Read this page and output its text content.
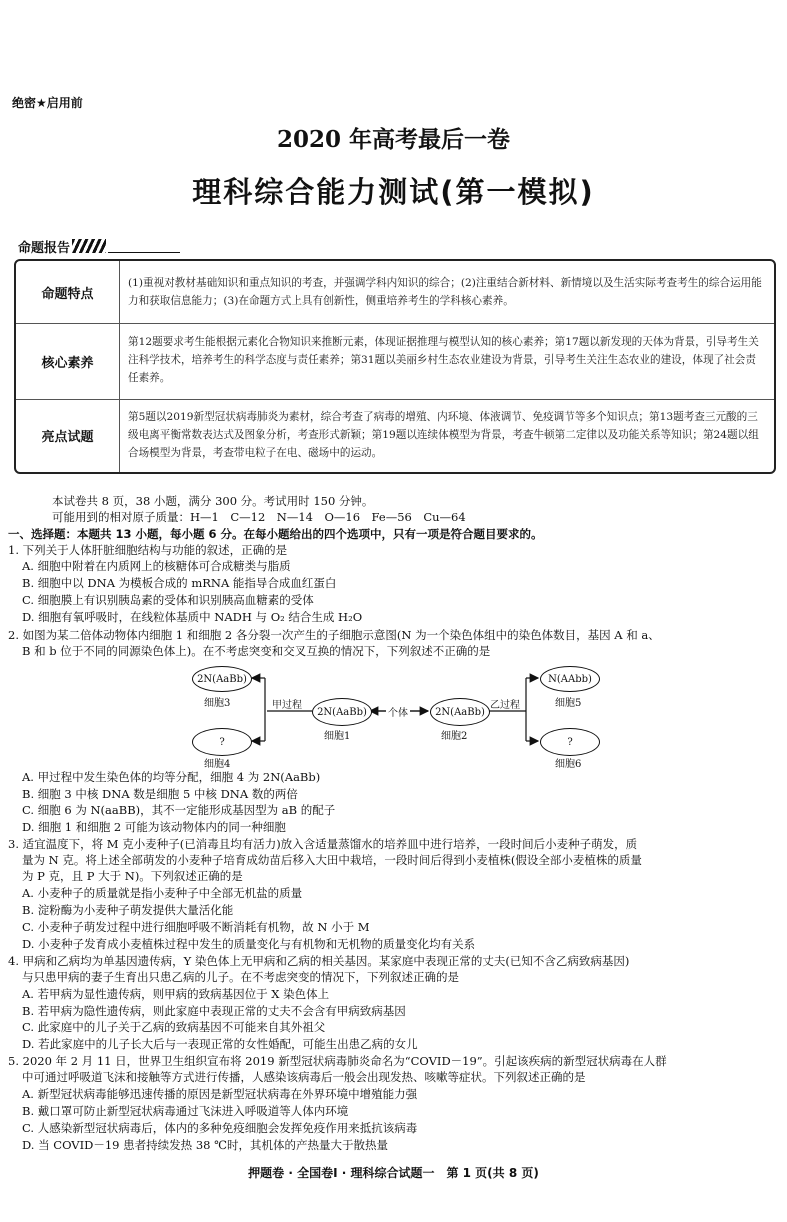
绝密★启用前
2020 年高考最后一卷
理科综合能力测试(第一模拟)
命题报告
命题特点
(1)重视对教材基础知识和重点知识的考查，并强调学科内知识的综合；(2)注重结合新材料、新情境以及生活实际考查考生的综合运用能力和获取信息能力；(3)在命题方式上具有创新性，侧重培养考生的学科核心素养。
核心素养
第12题要求考生能根据元素化合物知识来推断元素，体现证据推理与模型认知的核心素养；第17题以新发现的天体为背景，引导考生关注科学技术，培养考生的科学态度与责任素养；第31题以美丽乡村生态农业建设为背景，引导考生关注生态农业的建设，体现了社会责任素养。
亮点试题
第5题以2019新型冠状病毒肺炎为素材，综合考查了病毒的增殖、内环境、体液调节、免疫调节等多个知识点；第13题考查三元酸的三级电离平衡常数表达式及图象分析，考查形式新颖；第19题以连续体模型为背景，考查牛顿第二定律以及功能关系等知识；第24题以组合场模型为背景，考查带电粒子在电、磁场中的运动。
本试卷共 8 页，38 小题，满分 300 分。考试用时 150 分钟。
可能用到的相对原子质量：H—1　C—12　N—14　O—16　Fe—56　Cu—64
一、选择题：本题共 13 小题，每小题 6 分。在每小题给出的四个选项中，只有一项是符合题目要求的。
1. 下列关于人体肝脏细胞结构与功能的叙述，正确的是
A. 细胞中附着在内质网上的核糖体可合成糖类与脂质
B. 细胞中以 DNA 为模板合成的 mRNA 能指导合成血红蛋白
C. 细胞膜上有识别胰岛素的受体和识别胰高血糖素的受体
D. 细胞有氧呼吸时，在线粒体基质中 NADH 与 O₂ 结合生成 H₂O
2. 如图为某二倍体动物体内细胞 1 和细胞 2 各分裂一次产生的子细胞示意图(N 为一个染色体组中的染色体数目，基因 A 和 a、
B 和 b 位于不同的同源染色体上)。在不考虑突变和交叉互换的情况下，下列叙述不正确的是
2N(AaBb)
细胞3
?
细胞4
甲过程
2N(AaBb)
细胞1
个体	2N(AaBb)
细胞2
乙过程
N(AAbb)
细胞5
?
细胞6
A. 甲过程中发生染色体的均等分配，细胞 4 为 2N(AaBb)
B. 细胞 3 中核 DNA 数是细胞 5 中核 DNA 数的两倍
C. 细胞 6 为 N(aaBB)，其不一定能形成基因型为 aB 的配子
D. 细胞 1 和细胞 2 可能为该动物体内的同一种细胞
3. 适宜温度下，将 M 克小麦种子(已消毒且均有活力)放入含适量蒸馏水的培养皿中进行培养，一段时间后小麦种子萌发，质
量为 N 克。将上述全部萌发的小麦种子培育成幼苗后移入大田中栽培，一段时间后得到小麦植株(假设全部小麦植株的质量
为 P 克，且 P 大于 N)。下列叙述正确的是
A. 小麦种子的质量就是指小麦种子中全部无机盐的质量
B. 淀粉酶为小麦种子萌发提供大量活化能
C. 小麦种子萌发过程中进行细胞呼吸不断消耗有机物，故 N 小于 M
D. 小麦种子发育成小麦植株过程中发生的质量变化与有机物和无机物的质量变化均有关系
4. 甲病和乙病均为单基因遗传病，Y 染色体上无甲病和乙病的相关基因。某家庭中表现正常的丈夫(已知不含乙病致病基因)
与只患甲病的妻子生育出只患乙病的儿子。在不考虑突变的情况下，下列叙述正确的是
A. 若甲病为显性遗传病，则甲病的致病基因位于 X 染色体上
B. 若甲病为隐性遗传病，则此家庭中表现正常的丈夫不会含有甲病致病基因
C. 此家庭中的儿子关于乙病的致病基因不可能来自其外祖父
D. 若此家庭中的儿子长大后与一表现正常的女性婚配，可能生出患乙病的女儿
5. 2020 年 2 月 11 日，世界卫生组织宣布将 2019 新型冠状病毒肺炎命名为“COVID－19”。引起该疾病的新型冠状病毒在人群
中可通过呼吸道飞沫和接触等方式进行传播，人感染该病毒后一般会出现发热、咳嗽等症状。下列叙述正确的是
A. 新型冠状病毒能够迅速传播的原因是新型冠状病毒在外界环境中增殖能力强
B. 戴口罩可防止新型冠状病毒通过飞沫进入呼吸道等人体内环境
C. 人感染新型冠状病毒后，体内的多种免疫细胞会发挥免疫作用来抵抗该病毒
D. 当 COVID－19 患者持续发热 38 ℃时，其机体的产热量大于散热量
押题卷 · 全国卷Ⅰ · 理科综合试题一　第 1 页(共 8 页)
